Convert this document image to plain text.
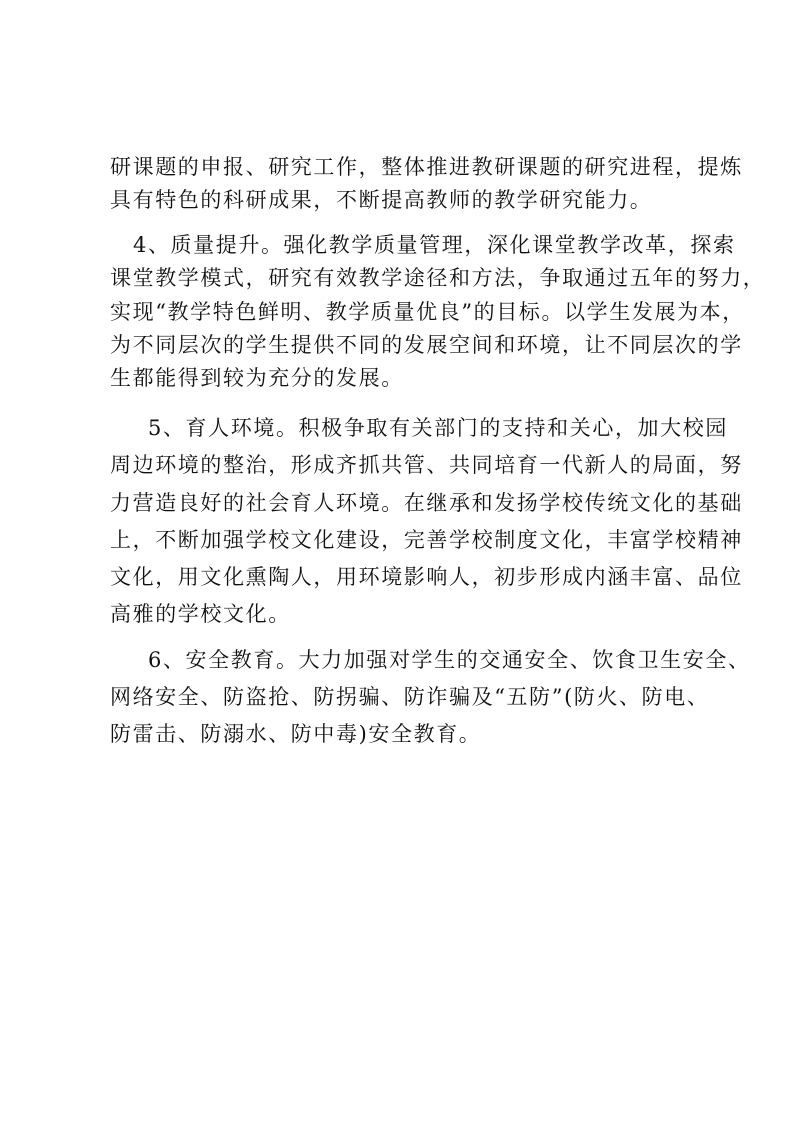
研课题的申报、研究工作，整体推进教研课题的研究进程，提炼

具有特色的科研成果，不断提高教师的教学研究能力。

4、质量提升。强化教学质量管理，深化课堂教学改革，探索

课堂教学模式，研究有效教学途径和方法，争取通过五年的努力，

实现“教学特色鲜明、教学质量优良”的目标。以学生发展为本，

为不同层次的学生提供不同的发展空间和环境，让不同层次的学

生都能得到较为充分的发展。

5、育人环境。积极争取有关部门的支持和关心，加大校园

周边环境的整治，形成齐抓共管、共同培育一代新人的局面，努

力营造良好的社会育人环境。在继承和发扬学校传统文化的基础

上，不断加强学校文化建设，完善学校制度文化，丰富学校精神

文化，用文化熏陶人，用环境影响人，初步形成内涵丰富、品位

高雅的学校文化。

6、安全教育。大力加强对学生的交通安全、饮食卫生安全、

网络安全、防盗抢、防拐骗、防诈骗及“五防”(防火、防电、

防雷击、防溺水、防中毒)安全教育。
